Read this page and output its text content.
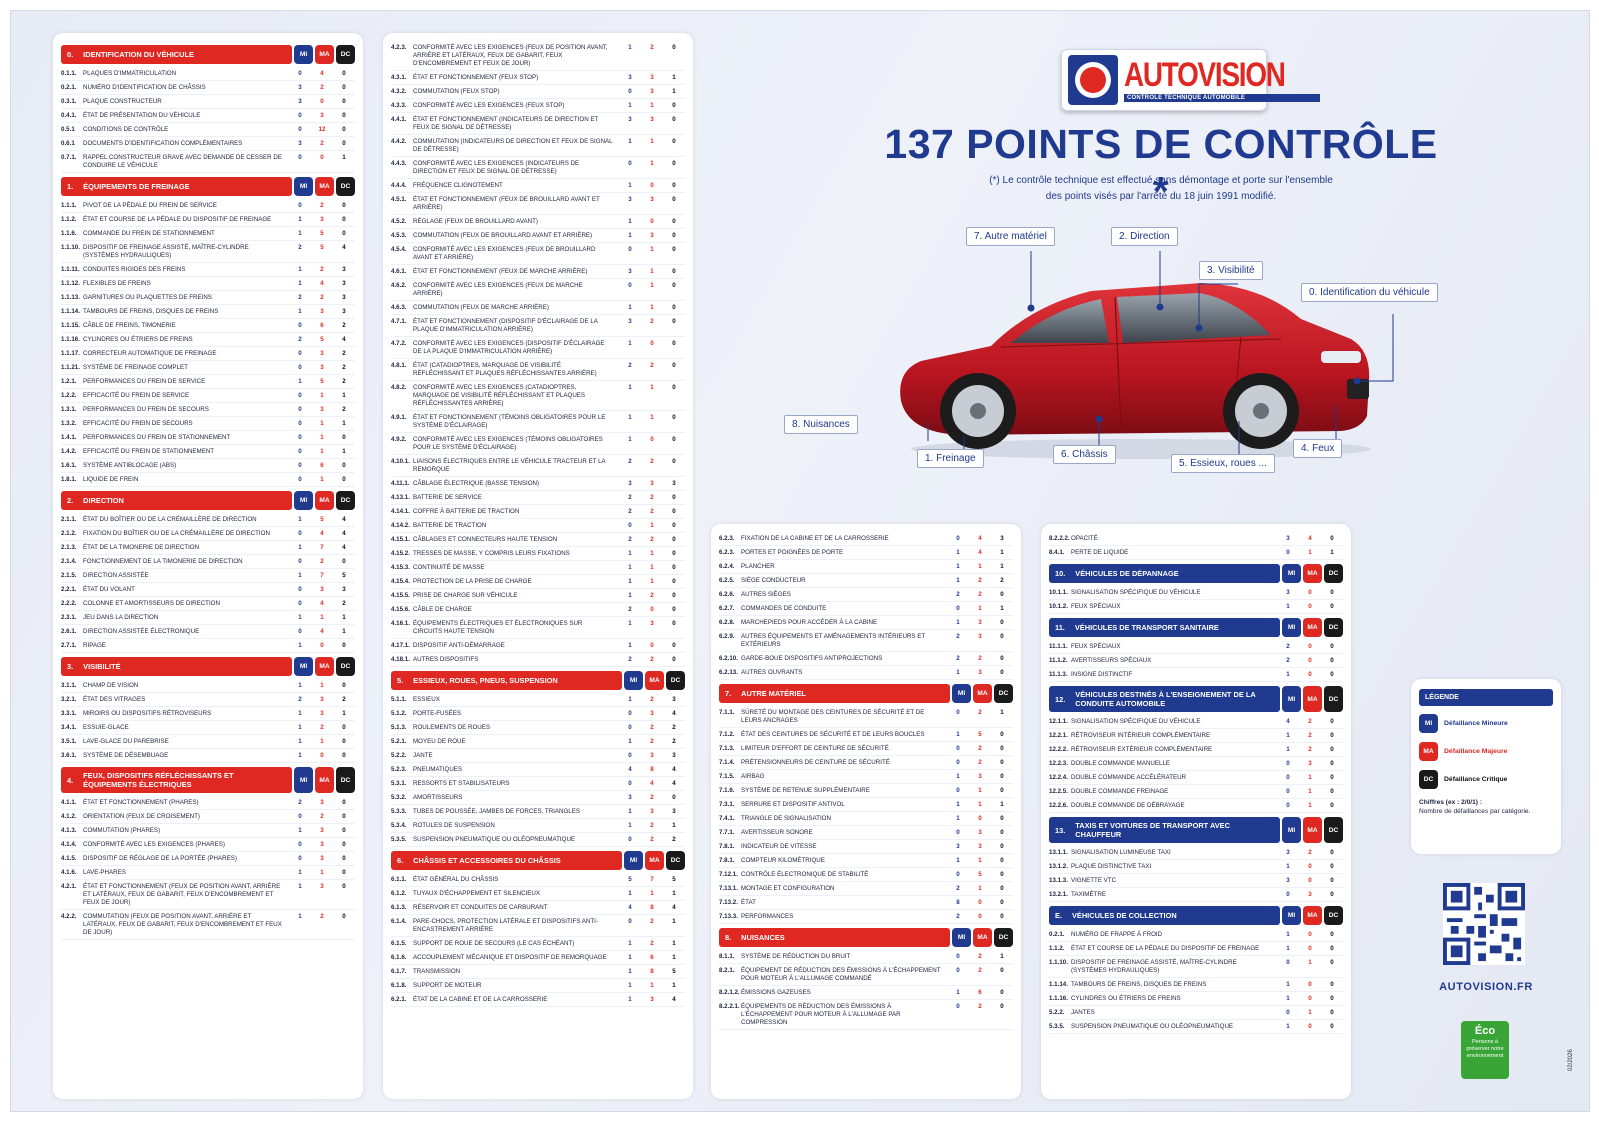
0. IDENTIFICATION DU VÉHICULE	MI	MA	DC
0.1.1.	PLAQUES D'IMMATRICULATION	0	4	0
0.2.1.	NUMÉRO D'IDENTIFICATION DE CHÂSSIS	3	2	0
0.3.1.	PLAQUE CONSTRUCTEUR	3	0	0
0.4.1.	ÉTAT DE PRÉSENTATION DU VÉHICULE	0	3	0
0.5.1	CONDITIONS DE CONTRÔLE	0	12	0
0.6.1	DOCUMENTS D'IDENTIFICATION COMPLÉMENTAIRES	3	2	0
0.7.1.	RAPPEL CONSTRUCTEUR GRAVE AVEC DEMANDE DE CESSER DE CONDUIRE LE VÉHICULE
0	0	1
1. ÉQUIPEMENTS DE FREINAGE	MI	MA	DC
1.1.1.	PIVOT DE LA PÉDALE DU FREIN DE SERVICE	0	2	0
1.1.2.	ÉTAT ET COURSE DE LA PÉDALE DU DISPOSITIF DE FREINAGE	1	3	0
1.1.6.	COMMANDE DU FREIN DE STATIONNEMENT	1	5	0
1.1.10. DISPOSITIF DE FREINAGE ASSISTÉ, MAÎTRE-CYLINDRE (SYSTÈMES HYDRAULIQUES)
2	5	4
1.1.11. CONDUITES RIGIDES DES FREINS	1	2	3
1.1.12. FLEXIBLES DE FREINS	1	4	3
1.1.13. GARNITURES OU PLAQUETTES DE FREINS	2	2	3
1.1.14. TAMBOURS DE FREINS, DISQUES DE FREINS	1	3	3
1.1.15. CÂBLE DE FREINS, TIMONERIE	0	6	2
1.1.16. CYLINDRES OU ÉTRIERS DE FREINS	2	5	4
1.1.17. CORRECTEUR AUTOMATIQUE DE FREINAGE	0	3	2
1.1.21. SYSTÈME DE FREINAGE COMPLET	0	3	2
1.2.1.	PERFORMANCES DU FREIN DE SERVICE	1	5	2
1.2.2.	EFFICACITÉ DU FREIN DE SERVICE	0	1	1
1.3.1.	PERFORMANCES DU FREIN DE SECOURS	0	3	2
1.3.2.	EFFICACITÉ DU FREIN DE SECOURS	0	1	1
1.4.1.	PERFORMANCES DU FREIN DE STATIONNEMENT	0	1	0
1.4.2.	EFFICACITÉ DU FREIN DE STATIONNEMENT	0	1	1
1.6.1.	SYSTÈME ANTIBLOCAGE (ABS)	0	6	0
1.8.1.	LIQUIDE DE FREIN	0	1	0
2. DIRECTION	MI	MA	DC
2.1.1.	ÉTAT DU BOÎTIER OU DE LA CRÉMAILLÈRE DE DIRECTION	1	5	4
2.1.2.	FIXATION DU BOÎTIER OU DE LA CRÉMAILLÈRE DE DIRECTION	0	4	4
2.1.3.	ÉTAT DE LA TIMONERIE DE DIRECTION	1	7	4
2.1.4.	FONCTIONNEMENT DE LA TIMONERIE DE DIRECTION	0	2	0
2.1.5.	DIRECTION ASSISTÉE	1	7	5
2.2.1.	ÉTAT DU VOLANT	0	3	3
2.2.2.	COLONNE ET AMORTISSEURS DE DIRECTION	0	4	2
2.3.1.	JEU DANS LA DIRECTION	1	1	1
2.6.1.	DIRECTION ASSISTÉE ÉLECTRONIQUE	0	4	1
2.7.1.	RIPAGE	1	0	0
3. VISIBILITÉ	MI	MA	DC
3.1.1.	CHAMP DE VISION	1	1	0
3.2.1.	ÉTAT DES VITRAGES	2	3	2
3.3.1.	MIROIRS OU DISPOSITIFS RÉTROVISEURS	1	3	1
3.4.1.	ESSUIE-GLACE	1	2	0
3.5.1.	LAVE-GLACE DU PAREBRISE	1	1	0
3.6.1.	SYSTÈME DE DÉSEMBUAGE	1	0	0
4. FEUX, DISPOSITIFS RÉFLÉCHISSANTS ET ÉQUIPEMENTS ÉLECTRIQUES	MI	MA	DC
4.1.1.	ÉTAT ET FONCTIONNEMENT (PHARES)	2	3	0
4.1.2.	ORIENTATION (FEUX DE CROISEMENT)	0	2	0
4.1.3.	COMMUTATION (PHARES)	1	3	0
4.1.4.	CONFORMITÉ AVEC LES EXIGENCES (PHARES)	0	3	0
4.1.5.	DISPOSITIF DE RÉGLAGE DE LA PORTÉE (PHARES)	0	3	0
4.1.6.	LAVE-PHARES	1	1	0
4.2.1.	ÉTAT ET FONCTIONNEMENT (FEUX DE POSITION AVANT, ARRIÈRE ET LATÉRAUX, FEUX DE GABARIT, FEUX D'ENCOMBREMENT ET FEUX DE JOUR)
1	3	0
4.2.2.	COMMUTATION (FEUX DE POSITION AVANT, ARRIÈRE ET LATÉRAUX, FEUX DE GABARIT, FEUX D'ENCOMBREMENT ET FEUX DE JOUR)
1	2	0
4.2.3.	CONFORMITÉ AVEC LES EXIGENCES (FEUX DE POSITION AVANT, ARRIÈRE ET LATÉRAUX, FEUX DE GABARIT, FEUX D'ENCOMBREMENT ET FEUX DE JOUR)
1	2	0
4.3.1.	ÉTAT ET FONCTIONNEMENT (FEUX STOP)	3	3	1
4.3.2.	COMMUTATION (FEUX STOP)	0	3	1
4.3.3.	CONFORMITÉ AVEC LES EXIGENCES (FEUX STOP)	1	1	0
4.4.1.	ÉTAT ET FONCTIONNEMENT (INDICATEURS DE DIRECTION ET FEUX DE SIGNAL DE DÉTRESSE)
3	3	0
4.4.2.	COMMUTATION (INDICATEURS DE DIRECTION ET FEUX DE SIGNAL DE DÉTRESSE)
1	1	0
4.4.3.	CONFORMITÉ AVEC LES EXIGENCES (INDICATEURS DE DIRECTION ET FEUX DE SIGNAL DE DÉTRESSE)
0	1	0
4.4.4.	FRÉQUENCE CLIGNOTEMENT	1	0	0
4.5.1.	ÉTAT ET FONCTIONNEMENT (FEUX DE BROUILLARD AVANT ET ARRIÈRE)
3	3	0
4.5.2.	RÉGLAGE (FEUX DE BROUILLARD AVANT)	1	0	0
4.5.3.	COMMUTATION (FEUX DE BROUILLARD AVANT ET ARRIÈRE)	1	3	0
4.5.4.	CONFORMITÉ AVEC LES EXIGENCES (FEUX DE BROUILLARD AVANT ET ARRIÈRE)
0	1	0
4.6.1.	ÉTAT ET FONCTIONNEMENT (FEUX DE MARCHE ARRIÈRE)	3	1	0
4.6.2.	CONFORMITÉ AVEC LES EXIGENCES (FEUX DE MARCHE ARRIÈRE)
0	1	0
4.6.3.	COMMUTATION (FEUX DE MARCHE ARRIÈRE)	1	1	0
4.7.1.	ÉTAT ET FONCTIONNEMENT (DISPOSITIF D'ÉCLAIRAGE DE LA PLAQUE D'IMMATRICULATION ARRIÈRE)
3	2	0
4.7.2.	CONFORMITÉ AVEC LES EXIGENCES (DISPOSITIF D'ÉCLAIRAGE DE LA PLAQUE D'IMMATRICULATION ARRIÈRE)
1	0	0
4.8.1.	ÉTAT (CATADIOPTRES, MARQUAGE DE VISIBILITÉ RÉFLÉCHISSANT ET PLAQUES RÉFLÉCHISSANTES ARRIÈRE)
2	2	0
4.8.2.	CONFORMITÉ AVEC LES EXIGENCES (CATADIOPTRES, MARQUAGE DE VISIBILITÉ RÉFLÉCHISSANT ET PLAQUES RÉFLÉCHISSANTES ARRIÈRE)
1	1	0
4.9.1.	ÉTAT ET FONCTIONNEMENT (TÉMOINS OBLIGATOIRES POUR LE SYSTÈME D'ÉCLAIRAGE)
1	1	0
4.9.2.	CONFORMITÉ AVEC LES EXIGENCES (TÉMOINS OBLIGATOIRES POUR LE SYSTÈME D'ÉCLAIRAGE)
1	0	0
4.10.1. LIAISONS ÉLECTRIQUES ENTRE LE VÉHICULE TRACTEUR ET LA REMORQUE
2	2	0
4.11.1. CÂBLAGE ÉLECTRIQUE (BASSE TENSION)	3	3	3
4.13.1. BATTERIE DE SERVICE	2	2	0
4.14.1. COFFRE À BATTERIE DE TRACTION	2	2	0
4.14.2. BATTERIE DE TRACTION	0	1	0
4.15.1. CÂBLAGES ET CONNECTEURS HAUTE TENSION	2	2	0
4.15.2. TRESSES DE MASSE, Y COMPRIS LEURS FIXATIONS	1	1	0
4.15.3. CONTINUITÉ DE MASSE	1	1	0
4.15.4. PROTECTION DE LA PRISE DE CHARGE	1	1	0
4.15.5. PRISE DE CHARGE SUR VÉHICULE	1	2	0
4.15.6. CÂBLE DE CHARGE	2	0	0
4.16.1. ÉQUIPEMENTS ÉLECTRIQUES ET ÉLECTRONIQUES SUR CIRCUITS HAUTE TENSION
1	3	0
4.17.1. DISPOSITIF ANTI-DÉMARRAGE	1	0	0
4.18.1. AUTRES DISPOSITIFS	2	2	0
5. ESSIEUX, ROUES, PNEUS, SUSPENSION	MI	MA	DC
5.1.1.	ESSIEUX	1	2	3
5.1.2.	PORTE-FUSÉES	0	3	4
5.1.3.	ROULEMENTS DE ROUES	0	2	2
5.2.1.	MOYEU DE ROUE	1	2	2
5.2.2.	JANTE	0	3	3
5.2.3.	PNEUMATIQUES	4	8	4
5.3.1.	RESSORTS ET STABILISATEURS	0	4	4
5.3.2.	AMORTISSEURS	3	2	0
5.3.3.	TUBES DE POUSSÉE, JAMBES DE FORCES, TRIANGLES	1	3	3
5.3.4.	ROTULES DE SUSPENSION	1	2	1
5.3.5.	SUSPENSION PNEUMATIQUE OU OLÉOPNEUMATIQUE	0	2	2
6. CHÂSSIS ET ACCESSOIRES DU CHÂSSIS	MI	MA	DC
6.1.1.	ÉTAT GÉNÉRAL DU CHÂSSIS	5	7	5
6.1.2.	TUYAUX D'ÉCHAPPEMENT ET SILENCIEUX	1	1	1
6.1.3.	RÉSERVOIR ET CONDUITES DE CARBURANT	4	8	4
6.1.4.	PARE-CHOCS, PROTECTION LATÉRALE ET DISPOSITIFS ANTI-ENCASTREMENT ARRIÈRE
0	2	1
6.1.5.	SUPPORT DE ROUE DE SECOURS (LE CAS ÉCHÉANT)	1	2	1
6.1.6.	ACCOUPLEMENT MÉCANIQUE ET DISPOSITIF DE REMORQUAGE	1	6	1
6.1.7.	TRANSMISSION	1	8	5
6.1.8.	SUPPORT DE MOTEUR	1	1	1
6.2.1.	ÉTAT DE LA CABINE ET DE LA CARROSSERIE	1	3	4
6.2.3.	FIXATION DE LA CABINE ET DE LA CARROSSERIE	0	4	3
6.2.3.	PORTES ET POIGNÉES DE PORTE	1	4	1
6.2.4.	PLANCHER	1	1	1
6.2.5.	SIÈGE CONDUCTEUR	1	2	2
6.2.6.	AUTRES SIÈGES	2	2	0
6.2.7.	COMMANDES DE CONDUITE	0	1	1
6.2.8.	MARCHEPIEDS POUR ACCÉDER À LA CABINE	1	3	0
6.2.9.	AUTRES ÉQUIPEMENTS ET AMÉNAGEMENTS INTÉRIEURS ET EXTÉRIEURS
2	3	0
6.2.10. GARDE-BOUE DISPOSITIFS ANTIPROJECTIONS	2	2	0
6.2.13. AUTRES OUVRANTS	1	3	0
7. AUTRE MATÉRIEL	MI	MA	DC
7.1.1.	SÛRETÉ DU MONTAGE DES CEINTURES DE SÉCURITÉ ET DE LEURS ANCRAGES
0	2	1
7.1.2.	ÉTAT DES CEINTURES DE SÉCURITÉ ET DE LEURS BOUCLES	1	5	0
7.1.3.	LIMITEUR D'EFFORT DE CEINTURE DE SÉCURITÉ	0	2	0
7.1.4.	PRÉTENSIONNEURS DE CEINTURE DE SÉCURITÉ	0	2	0
7.1.5.	AIRBAG	1	3	0
7.1.6.	SYSTÈME DE RETENUE SUPPLÉMENTAIRE	0	1	0
7.3.1.	SERRURE ET DISPOSITIF ANTIVOL	1	1	1
7.4.1.	TRIANGLE DE SIGNALISATION	1	0	0
7.7.1.	AVERTISSEUR SONORE	0	3	0
7.8.1.	INDICATEUR DE VITESSE	3	3	0
7.8.1.	COMPTEUR KILOMÉTRIQUE	1	1	0
7.12.1. CONTRÔLE ÉLECTRONIQUE DE STABILITÉ	0	5	0
7.13.1. MONTAGE ET CONFIGURATION	2	1	0
7.13.2. ÉTAT	8	0	0
7.13.3. PERFORMANCES	2	0	0
8. NUISANCES	MI	MA	DC
8.1.1.	SYSTÈME DE RÉDUCTION DU BRUIT	0	2	1
8.2.1.	ÉQUIPEMENT DE RÉDUCTION DES ÉMISSIONS À L'ÉCHAPPEMENT POUR MOTEUR À L'ALLUMAGE COMMANDÉ
0	2	0
8.2.1.2. ÉMISSIONS GAZEUSES	1	6	0
8.2.2.1. ÉQUIPEMENTS DE RÉDUCTION DES ÉMISSIONS À L'ÉCHAPPEMENT POUR MOTEUR À L'ALLUMAGE PAR COMPRESSION
0	2	0
8.2.2.2. OPACITÉ	3	4	0
8.4.1.	PERTE DE LIQUIDE	0	1	1
10. VÉHICULES DE DÉPANNAGE	MI	MA	DC
10.1.1. SIGNALISATION SPÉCIFIQUE DU VÉHICULE	3	0	0
10.1.2. FEUX SPÉCIAUX	1	0	0
11. VÉHICULES DE TRANSPORT SANITAIRE	MI	MA	DC
11.1.1. FEUX SPÉCIAUX	2	0	0
11.1.2. AVERTISSEURS SPÉCIAUX	2	0	0
11.1.3. INSIGNE DISTINCTIF	1	0	0
12. VÉHICULES DESTINÉS À L'ENSEIGNEMENT DE LA CONDUITE AUTOMOBILE	MI	MA	DC
12.1.1. SIGNALISATION SPÉCIFIQUE DU VÉHICULE	4	2	0
12.2.1. RÉTROVISEUR INTÉRIEUR COMPLÉMENTAIRE	1	2	0
12.2.2. RÉTROVISEUR EXTÉRIEUR COMPLÉMENTAIRE	1	2	0
12.2.3. DOUBLE COMMANDE MANUELLE	0	3	0
12.2.4. DOUBLE COMMANDE ACCÉLÉRATEUR	0	1	0
12.2.5. DOUBLE COMMANDE FREINAGE	0	1	0
12.2.6. DOUBLE COMMANDE DE DÉBRAYAGE	0	1	0
13. TAXIS ET VOITURES DE TRANSPORT AVEC CHAUFFEUR	MI	MA	DC
13.1.1. SIGNALISATION LUMINEUSE TAXI	3	2	0
13.1.2. PLAQUE DISTINCTIVE TAXI	1	0	0
13.1.3. VIGNETTE VTC	3	0	0
13.2.1. TAXIMÈTRE	0	3	0
E. VÉHICULES DE COLLECTION	MI	MA	DC
0.2.1.	NUMÉRO DE FRAPPE À FROID	1	0	0
1.1.2.	ÉTAT ET COURSE DE LA PÉDALE DU DISPOSITIF DE FREINAGE	1	0	0
1.1.10. DISPOSITIF DE FREINAGE ASSISTÉ, MAÎTRE-CYLINDRE (SYSTÈMES HYDRAULIQUES)
0	1	0
1.1.14. TAMBOURS DE FREINS, DISQUES DE FREINS	1	0	0
1.1.16. CYLINDRES OU ÉTRIERS DE FREINS	1	0	0
5.2.2.	JANTES	0	1	0
5.3.5.	SUSPENSION PNEUMATIQUE OU OLÉOPNEUMATIQUE	1	0	0
AUTOVISION
CONTROLE TECHNIQUE AUTOMOBILE
137 POINTS DE CONTRÔLE *
(*) Le contrôle technique est effectué sans démontage et porte sur l'ensemble
des points visés par l'arrêté du 18 juin 1991 modifié.
7. Autre matériel	2. Direction
3. Visibilité
0. Identification du véhicule
8. Nuisances
1. Freinage	6. Châssis
5. Essieux, roues ...
4. Feux
LÉGENDE
MI	Défaillance Mineure
MA	Défaillance Majeure
DC	Défaillance Critique
Chiffres (ex : 2/0/1) :
Nombre de défaillances par catégorie.
AUTOVISION.FR
Éco
Pensons à préserver notre environnement	02/2026
